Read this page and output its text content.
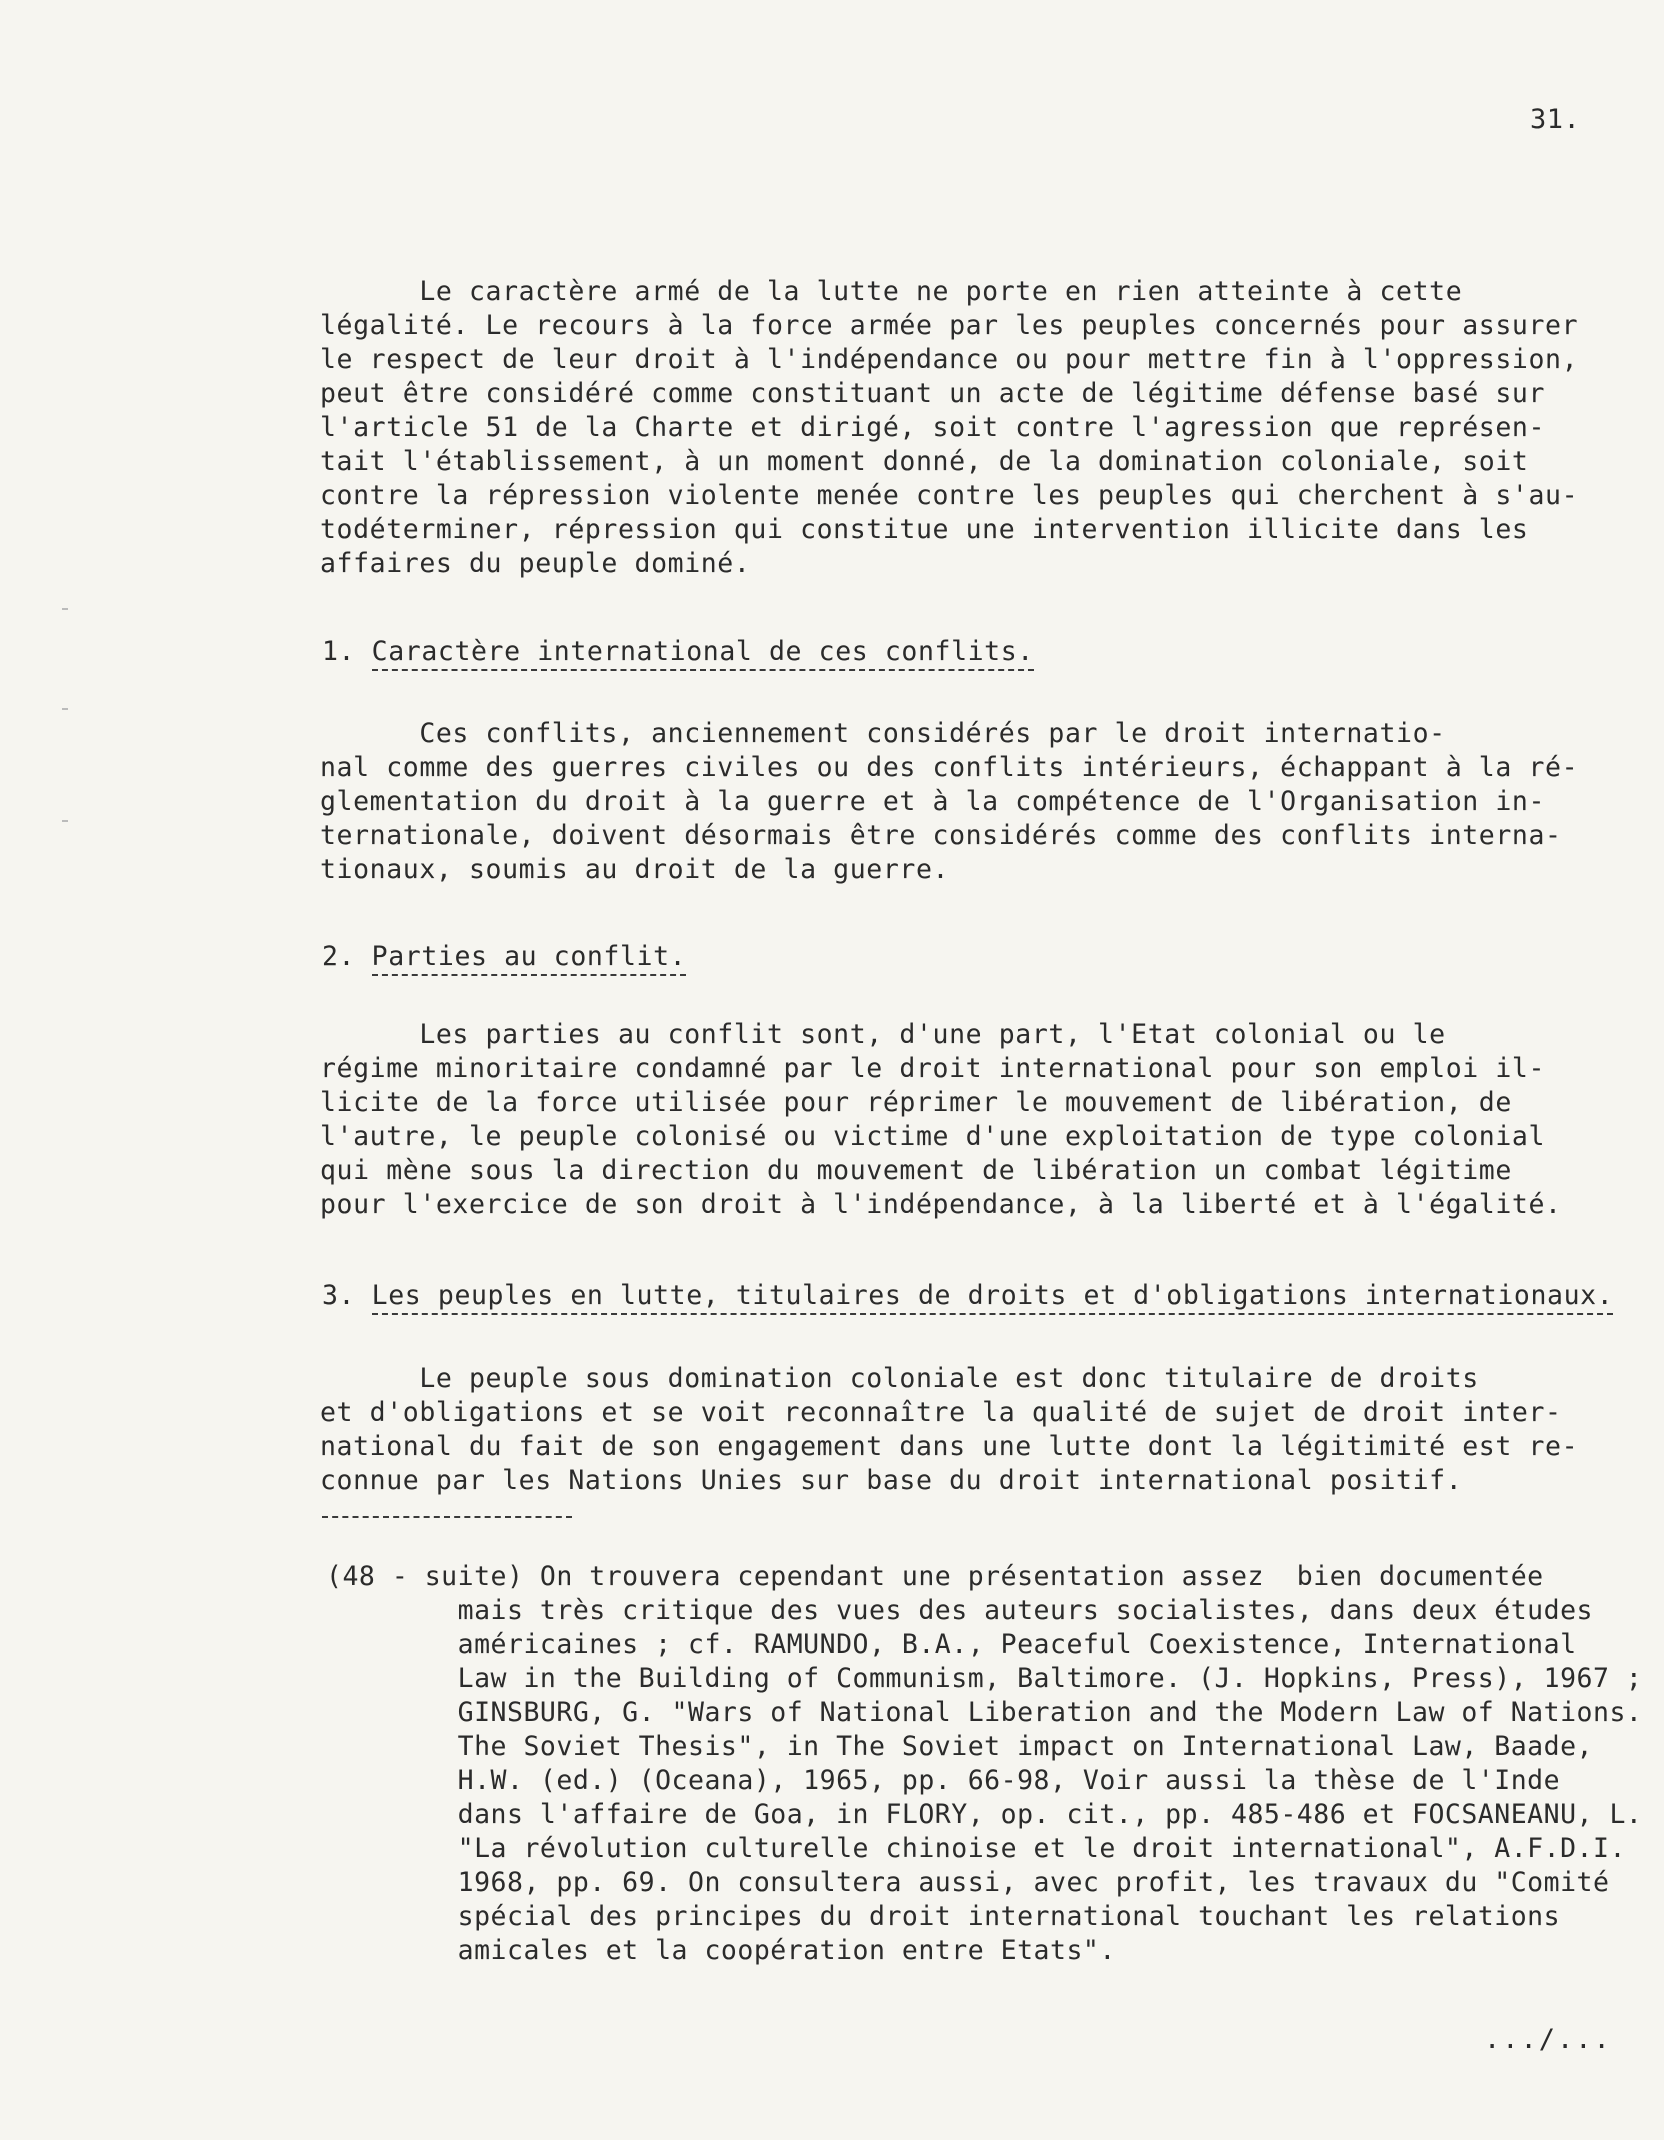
31.
Le caractère armé de la lutte ne porte en rien atteinte à cette
légalité. Le recours à la force armée par les peuples concernés pour assurer
le respect de leur droit à l'indépendance ou pour mettre fin à l'oppression,
peut être considéré comme constituant un acte de légitime défense basé sur
l'article 51 de la Charte et dirigé, soit contre l'agression que représen-
tait l'établissement, à un moment donné, de la domination coloniale, soit
contre la répression violente menée contre les peuples qui cherchent à s'au-
todéterminer, répression qui constitue une intervention illicite dans les
affaires du peuple dominé.
1. Caractère international de ces conflits.
Ces conflits, anciennement considérés par le droit internatio-
nal comme des guerres civiles ou des conflits intérieurs, échappant à la ré-
glementation du droit à la guerre et à la compétence de l'Organisation in-
ternationale, doivent désormais être considérés comme des conflits interna-
tionaux, soumis au droit de la guerre.
2. Parties au conflit.
Les parties au conflit sont, d'une part, l'Etat colonial ou le
régime minoritaire condamné par le droit international pour son emploi il-
licite de la force utilisée pour réprimer le mouvement de libération, de
l'autre, le peuple colonisé ou victime d'une exploitation de type colonial
qui mène sous la direction du mouvement de libération un combat légitime
pour l'exercice de son droit à l'indépendance, à la liberté et à l'égalité.
3. Les peuples en lutte, titulaires de droits et d'obligations internationaux.
Le peuple sous domination coloniale est donc titulaire de droits
et d'obligations et se voit reconnaître la qualité de sujet de droit inter-
national du fait de son engagement dans une lutte dont la légitimité est re-
connue par les Nations Unies sur base du droit international positif.
(48 - suite) On trouvera cependant une présentation assez  bien documentée
mais très critique des vues des auteurs socialistes, dans deux études
américaines ; cf. RAMUNDO, B.A., Peaceful Coexistence, International
Law in the Building of Communism, Baltimore. (J. Hopkins, Press), 1967 ;
GINSBURG, G. "Wars of National Liberation and the Modern Law of Nations.
The Soviet Thesis", in The Soviet impact on International Law, Baade,
H.W. (ed.) (Oceana), 1965, pp. 66-98, Voir aussi la thèse de l'Inde
dans l'affaire de Goa, in FLORY, op. cit., pp. 485-486 et FOCSANEANU, L.
"La révolution culturelle chinoise et le droit international", A.F.D.I.
1968, pp. 69. On consultera aussi, avec profit, les travaux du "Comité
spécial des principes du droit international touchant les relations
amicales et la coopération entre Etats".
.../...
